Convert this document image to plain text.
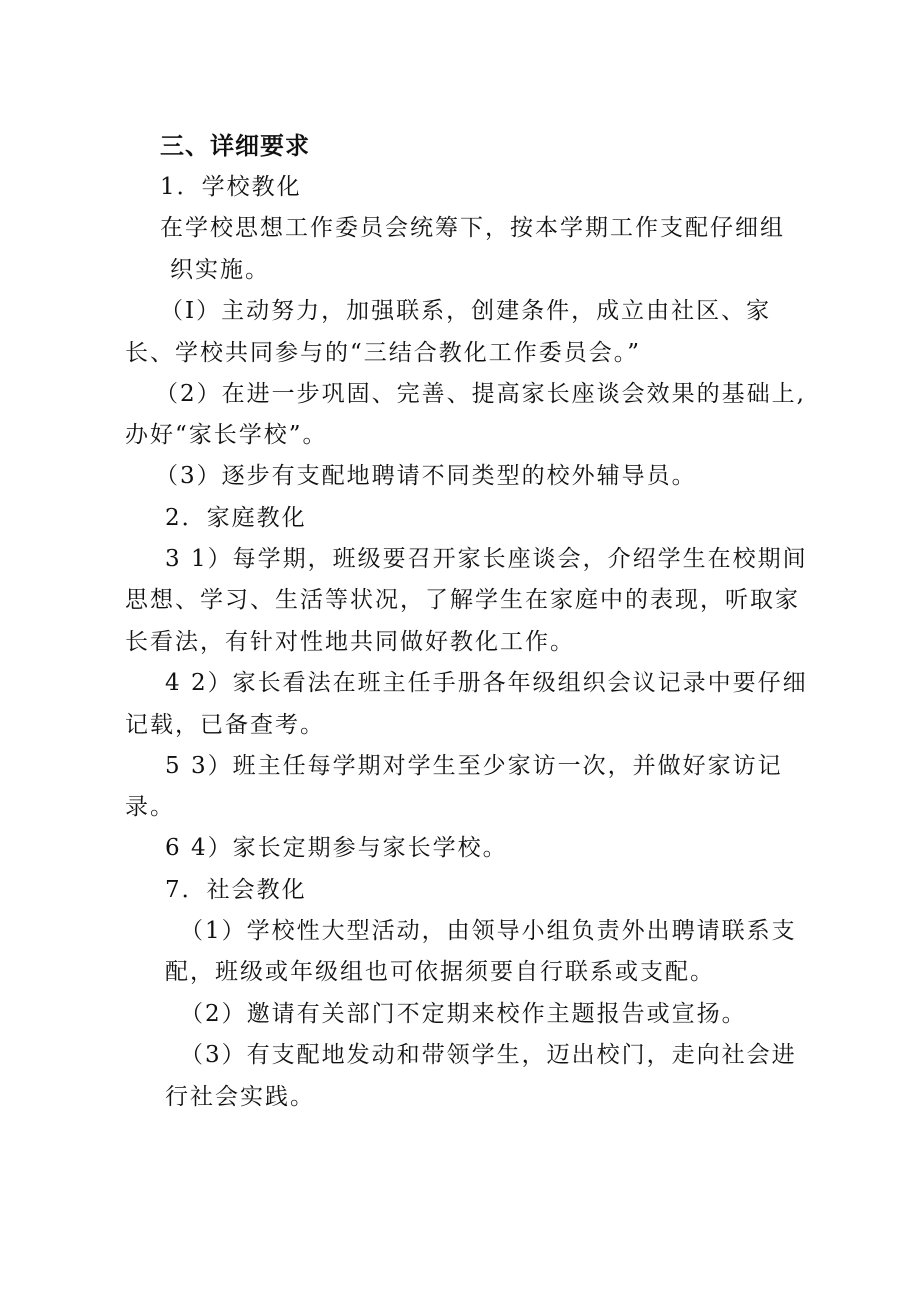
三、详细要求
1．学校教化
在学校思想工作委员会统筹下，按本学期工作支配仔细组
织实施。
（I）主动努力，加强联系，创建条件，成立由社区、家
长、学校共同参与的“三结合教化工作委员会。”
（2）在进一步巩固、完善、提高家长座谈会效果的基础上,
办好“家长学校”。
（3）逐步有支配地聘请不同类型的校外辅导员。
2．家庭教化
3 1）每学期，班级要召开家长座谈会，介绍学生在校期间
思想、学习、生活等状况，了解学生在家庭中的表现，听取家
长看法，有针对性地共同做好教化工作。
4 2）家长看法在班主任手册各年级组织会议记录中要仔细
记载，已备查考。
5 3）班主任每学期对学生至少家访一次，并做好家访记
录。
6 4）家长定期参与家长学校。
7．社会教化
（1）学校性大型活动，由领导小组负责外出聘请联系支
配，班级或年级组也可依据须要自行联系或支配。
（2）邀请有关部门不定期来校作主题报告或宣扬。
（3）有支配地发动和带领学生，迈出校门，走向社会进
行社会实践。
